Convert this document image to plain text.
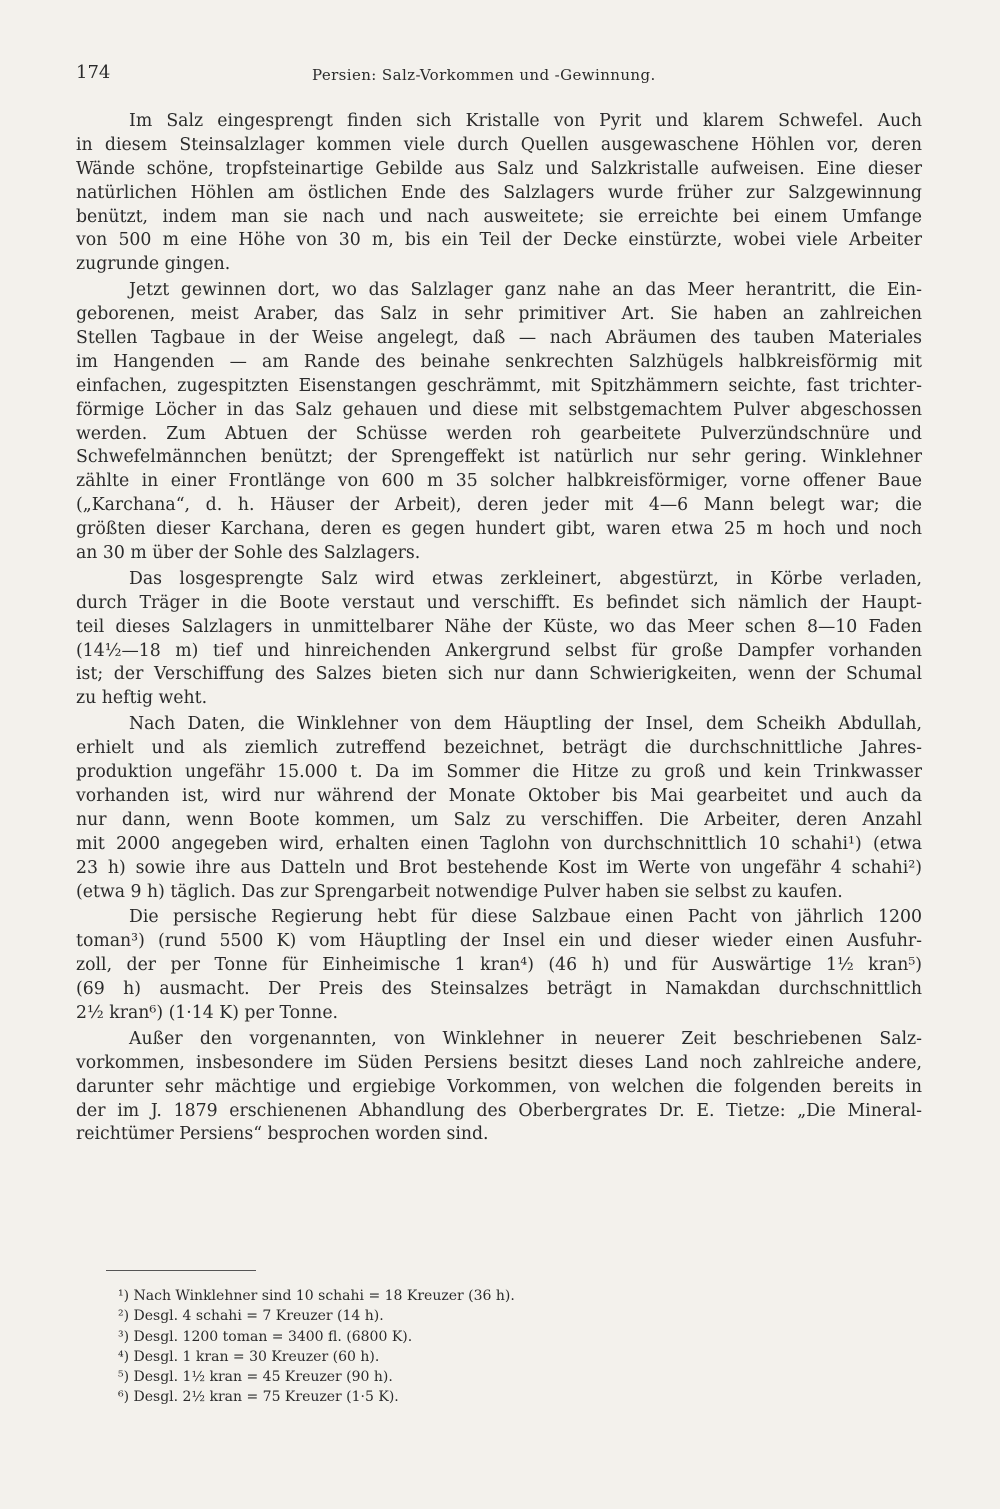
174	Persien: Salz-Vorkommen und -Gewinnung.
Im Salz eingesprengt finden sich Kristalle von Pyrit und klarem Schwefel. Auch
in diesem Steinsalzlager kommen viele durch Quellen ausgewaschene Höhlen vor, deren
Wände schöne, tropfsteinartige Gebilde aus Salz und Salzkristalle aufweisen. Eine dieser
natürlichen Höhlen am östlichen Ende des Salzlagers wurde früher zur Salzgewinnung
benützt, indem man sie nach und nach ausweitete; sie erreichte bei einem Umfange
von 500 m eine Höhe von 30 m, bis ein Teil der Decke einstürzte, wobei viele Arbeiter
zugrunde gingen.
Jetzt gewinnen dort, wo das Salzlager ganz nahe an das Meer herantritt, die Ein-
geborenen, meist Araber, das Salz in sehr primitiver Art. Sie haben an zahlreichen
Stellen Tagbaue in der Weise angelegt, daß — nach Abräumen des tauben Materiales
im Hangenden — am Rande des beinahe senkrechten Salzhügels halbkreisförmig mit
einfachen, zugespitzten Eisenstangen geschrämmt, mit Spitzhämmern seichte, fast trichter-
förmige Löcher in das Salz gehauen und diese mit selbstgemachtem Pulver abgeschossen
werden. Zum Abtuen der Schüsse werden roh gearbeitete Pulverzündschnüre und
Schwefelmännchen benützt; der Sprengeffekt ist natürlich nur sehr gering. Winklehner
zählte in einer Frontlänge von 600 m 35 solcher halbkreisförmiger, vorne offener Baue
(„Karchana“, d. h. Häuser der Arbeit), deren jeder mit 4—6 Mann belegt war; die
größten dieser Karchana, deren es gegen hundert gibt, waren etwa 25 m hoch und noch
an 30 m über der Sohle des Salzlagers.
Das losgesprengte Salz wird etwas zerkleinert, abgestürzt, in Körbe verladen,
durch Träger in die Boote verstaut und verschifft. Es befindet sich nämlich der Haupt-
teil dieses Salzlagers in unmittelbarer Nähe der Küste, wo das Meer schen 8—10 Faden
(14½—18 m) tief und hinreichenden Ankergrund selbst für große Dampfer vorhanden
ist; der Verschiffung des Salzes bieten sich nur dann Schwierigkeiten, wenn der Schumal
zu heftig weht.
Nach Daten, die Winklehner von dem Häuptling der Insel, dem Scheikh Abdullah,
erhielt und als ziemlich zutreffend bezeichnet, beträgt die durchschnittliche Jahres-
produktion ungefähr 15.000 t. Da im Sommer die Hitze zu groß und kein Trinkwasser
vorhanden ist, wird nur während der Monate Oktober bis Mai gearbeitet und auch da
nur dann, wenn Boote kommen, um Salz zu verschiffen. Die Arbeiter, deren Anzahl
mit 2000 angegeben wird, erhalten einen Taglohn von durchschnittlich 10 schahi¹) (etwa
23 h) sowie ihre aus Datteln und Brot bestehende Kost im Werte von ungefähr 4 schahi²)
(etwa 9 h) täglich. Das zur Sprengarbeit notwendige Pulver haben sie selbst zu kaufen.
Die persische Regierung hebt für diese Salzbaue einen Pacht von jährlich 1200
toman³) (rund 5500 K) vom Häuptling der Insel ein und dieser wieder einen Ausfuhr-
zoll, der per Tonne für Einheimische 1 kran⁴) (46 h) und für Auswärtige 1½ kran⁵)
(69 h) ausmacht. Der Preis des Steinsalzes beträgt in Namakdan durchschnittlich
2½ kran⁶) (1·14 K) per Tonne.
Außer den vorgenannten, von Winklehner in neuerer Zeit beschriebenen Salz-
vorkommen, insbesondere im Süden Persiens besitzt dieses Land noch zahlreiche andere,
darunter sehr mächtige und ergiebige Vorkommen, von welchen die folgenden bereits in
der im J. 1879 erschienenen Abhandlung des Oberbergrates Dr. E. Tietze: „Die Mineral-
reichtümer Persiens“ besprochen worden sind.
¹) Nach Winklehner sind 10 schahi = 18 Kreuzer (36 h).
²) Desgl. 4 schahi = 7 Kreuzer (14 h).
³) Desgl. 1200 toman = 3400 fl. (6800 K).
⁴) Desgl. 1 kran = 30 Kreuzer (60 h).
⁵) Desgl. 1½ kran = 45 Kreuzer (90 h).
⁶) Desgl. 2½ kran = 75 Kreuzer (1·5 K).
